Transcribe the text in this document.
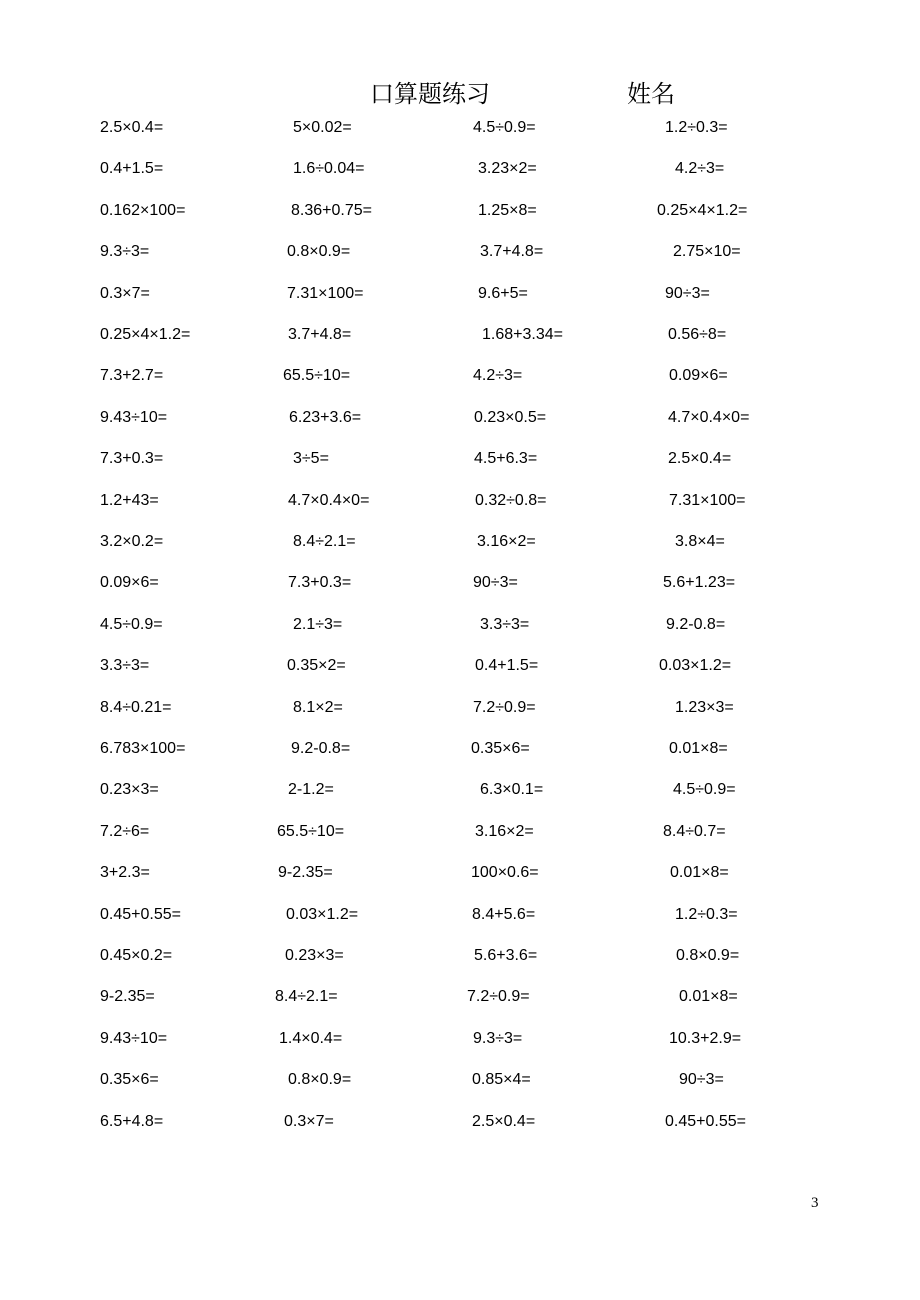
口算题练习	姓名
2.5×0.4=	5×0.02=	4.5÷0.9=	1.2÷0.3=
0.4+1.5=	1.6÷0.04=	3.23×2=	4.2÷3=
0.162×100=	8.36+0.75=	1.25×8=	0.25×4×1.2=
9.3÷3=	0.8×0.9=	3.7+4.8=	2.75×10=
0.3×7=	7.31×100=	9.6+5=	90÷3=
0.25×4×1.2=	3.7+4.8=	1.68+3.34=	0.56÷8=
7.3+2.7=	65.5÷10=	4.2÷3=	0.09×6=
9.43÷10=	6.23+3.6=	0.23×0.5=	4.7×0.4×0=
7.3+0.3=	3÷5=	4.5+6.3=	2.5×0.4=
1.2+43=	4.7×0.4×0=	0.32÷0.8=	7.31×100=
3.2×0.2=	8.4÷2.1=	3.16×2=	3.8×4=
0.09×6=	7.3+0.3=	90÷3=	5.6+1.23=
4.5÷0.9=	2.1÷3=	3.3÷3=	9.2-0.8=
3.3÷3=	0.35×2=	0.4+1.5=	0.03×1.2=
8.4÷0.21=	8.1×2=	7.2÷0.9=	1.23×3=
6.783×100=	9.2-0.8=	0.35×6=	0.01×8=
0.23×3=	2-1.2=	6.3×0.1=	4.5÷0.9=
7.2÷6=	65.5÷10=	3.16×2=	8.4÷0.7=
3+2.3=	9-2.35=	100×0.6=	0.01×8=
0.45+0.55=	0.03×1.2=	8.4+5.6=	1.2÷0.3=
0.45×0.2=	0.23×3=	5.6+3.6=	0.8×0.9=
9-2.35=	8.4÷2.1=	7.2÷0.9=	0.01×8=
9.43÷10=	1.4×0.4=	9.3÷3=	10.3+2.9=
0.35×6=	0.8×0.9=	0.85×4=	90÷3=
6.5+4.8=	0.3×7=	2.5×0.4=	0.45+0.55=
3
